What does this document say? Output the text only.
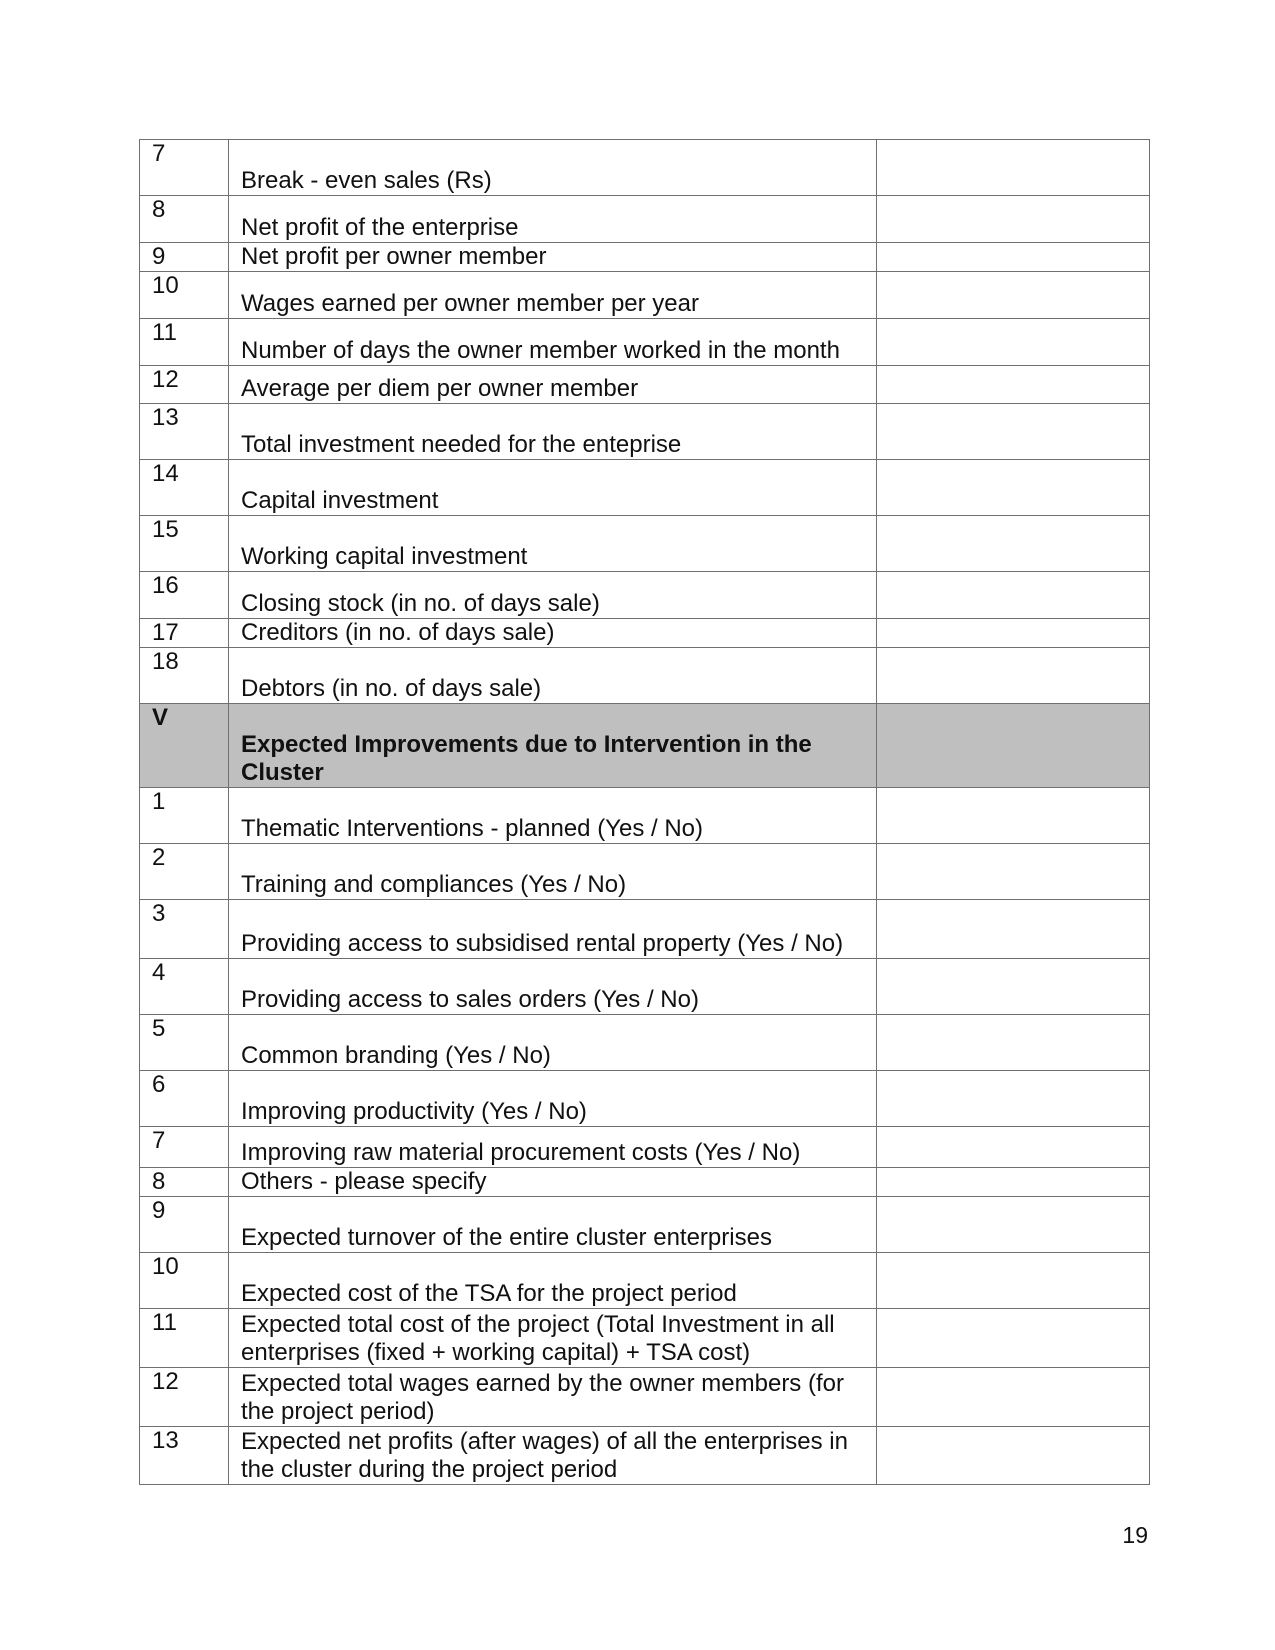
7	Break - even sales (Rs)	

8	Net profit of the enterprise	

9	Net profit per owner member	

10	Wages earned per owner member per year	

11	Number of days the owner member worked in the month	

12	Average per diem per owner member	

13	Total investment needed for the enteprise	

14	Capital investment	

15	Working capital investment	

16	Closing stock (in no. of days sale)	

17	Creditors (in no. of days sale)	

18	Debtors (in no. of days sale)	

V	Expected Improvements due to Intervention in the Cluster	

1	Thematic Interventions - planned (Yes / No)	

2	Training and compliances (Yes / No)	

3	Providing access to subsidised rental property (Yes / No)	

4	Providing access to sales orders (Yes / No)	

5	Common branding (Yes / No)	

6	Improving productivity (Yes / No)	

7	Improving raw material procurement costs (Yes / No)	

8	Others - please specify	

9	Expected turnover of the entire cluster enterprises	

10	Expected cost of the TSA for the project period	

11	Expected total cost of the project (Total Investment in all enterprises (fixed + working capital) + TSA cost)	

12	Expected total wages earned by the owner members (for the project period)	

13	Expected net profits (after wages) of all the enterprises in the cluster during the project period	
19
